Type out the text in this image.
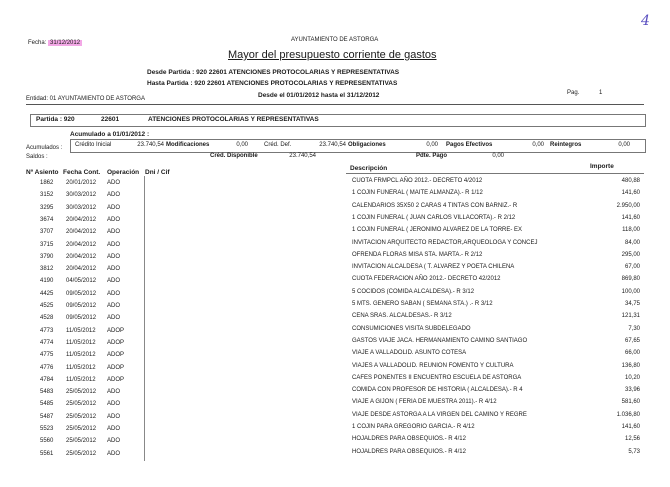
Fecha: 31/12/2012	AYUNTAMIENTO DE ASTORGA
4
Mayor del presupuesto corriente de gastos
Desde Partida : 920 22601 ATENCIONES PROTOCOLARIAS Y REPRESENTATIVAS
Hasta Partida : 920 22601 ATENCIONES PROTOCOLARIAS Y REPRESENTATIVAS
Entidad: 01 AYUNTAMIENTO DE ASTORGA	Desde el 01/01/2012 hasta el 31/12/2012	Pag.	1
Partida : 920	22601	ATENCIONES PROTOCOLARIAS Y REPRESENTATIVAS
Acumulado a 01/01/2012 :
Acumulados :
Saldos :
Crédito Inicial	23.740,54 Modificaciones	0,00	Créd. Def.	23.740,54 Obligaciones	0,00 Pagos Efectivos	0,00 Reintegros	0,00
Créd. Disponible	23.740,54	Pdte. Pago	0,00
Nº Asiento Fecha Cont. Operación Dni / Cif
Descripción	Importe
1862 20/01/2012 ADO	CUOTA FRMPCL AÑO 2012.- DECRETO 4/2012	480,88
3152 30/03/2012 ADO	1 COJIN FUNERAL ( MAITE ALMANZA).- R 1/12	141,60
3295 30/03/2012 ADO	CALENDARIOS 35X50 2 CARAS 4 TINTAS CON BARNIZ.- R	2.950,00
3674 20/04/2012 ADO	1 COJIN FUNERAL ( JUAN CARLOS VILLACORTA).- R 2/12	141,60
3707 20/04/2012 ADO	1 COJIN FUNERAL ( JERONIMO ALVAREZ DE LA TORRE- EX	118,00
3715 20/04/2012 ADO	INVITACION ARQUITECTO REDACTOR,ARQUEOLOGA Y CONCEJ	84,00
3790 20/04/2012 ADO	OFRENDA FLORAS MISA STA. MARTA.- R 2/12	295,00
3812 20/04/2012 ADO	INVITACION ALCALDESA ( T. ALVAREZ Y POETA CHILENA	67,00
4190 04/05/2012 ADO	CUOTA FEDERACION AÑO 2012.- DECRETO 42/2012	869,80
4425 09/05/2012 ADO	5 COCIDOS (COMIDA ALCALDESA).- R 3/12	100,00
4525 09/05/2012 ADO	5 MTS. GENERO SABAN ( SEMANA STA.) .- R 3/12	34,75
4528 09/05/2012 ADO	CENA SRAS. ALCALDESAS.- R 3/12	121,31
4773 11/05/2012 ADOP	CONSUMICIONES VISITA SUBDELEGADO	7,30
4774 11/05/2012 ADOP	GASTOS VIAJE JACA. HERMANAMIENTO CAMINO SANTIAGO	67,65
4775 11/05/2012 ADOP	VIAJE A VALLADOLID. ASUNTO COTESA	66,00
4776 11/05/2012 ADOP	VIAJES A VALLADOLID. REUNION FOMENTO Y CULTURA	136,80
4784 11/05/2012 ADOP	CAFES PONENTES II ENCUENTRO ESCUELA DE ASTORGA	10,20
5483 25/05/2012 ADO	COMIDA CON PROFESOR DE HISTORIA ( ALCALDESA).- R 4	33,96
5485 25/05/2012 ADO	VIAJE A GIJON ( FERIA DE MUESTRA 2011).- R 4/12	581,60
5487 25/05/2012 ADO	VIAJE DESDE ASTORGA A LA VIRGEN DEL CAMINO Y REGRE	1.036,80
5523 25/05/2012 ADO	1 COJIN PARA GREGORIO GARCIA.- R 4/12	141,60
5560 25/05/2012 ADO	HOJALDRES PARA OBSEQUIOS.- R 4/12	12,56
5561 25/05/2012 ADO	HOJALDRES PARA OBSEQUIOS.- R 4/12	5,73
